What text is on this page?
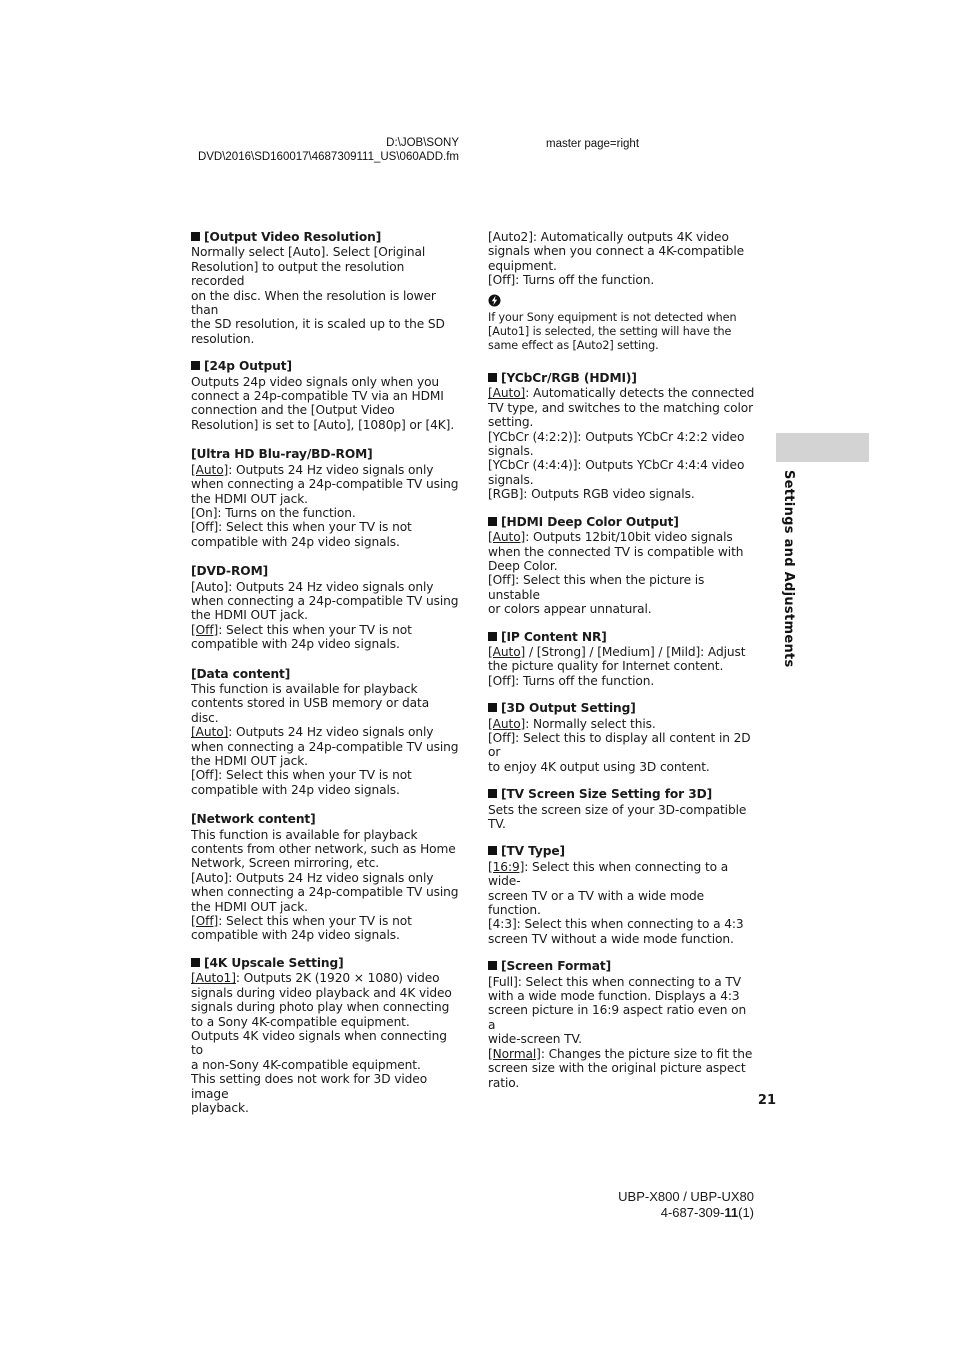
D:\JOB\SONY
DVD\2016\SD160017\4687309111_US\060ADD.fm
master page=right
[Output Video Resolution]
Normally select [Auto]. Select [Original
Resolution] to output the resolution recorded
on the disc. When the resolution is lower than
the SD resolution, it is scaled up to the SD
resolution.
[24p Output]
Outputs 24p video signals only when you
connect a 24p-compatible TV via an HDMI
connection and the [Output Video
Resolution] is set to [Auto], [1080p] or [4K].
[Ultra HD Blu-ray/BD-ROM]
[Auto]: Outputs 24 Hz video signals only
when connecting a 24p-compatible TV using
the HDMI OUT jack.
[On]: Turns on the function.
[Off]: Select this when your TV is not
compatible with 24p video signals.
[DVD-ROM]
[Auto]: Outputs 24 Hz video signals only
when connecting a 24p-compatible TV using
the HDMI OUT jack.
[Off]: Select this when your TV is not
compatible with 24p video signals.
[Data content]
This function is available for playback
contents stored in USB memory or data disc.
[Auto]: Outputs 24 Hz video signals only
when connecting a 24p-compatible TV using
the HDMI OUT jack.
[Off]: Select this when your TV is not
compatible with 24p video signals.
[Network content]
This function is available for playback
contents from other network, such as Home
Network, Screen mirroring, etc.
[Auto]: Outputs 24 Hz video signals only
when connecting a 24p-compatible TV using
the HDMI OUT jack.
[Off]: Select this when your TV is not
compatible with 24p video signals.
[4K Upscale Setting]
[Auto1]: Outputs 2K (1920 × 1080) video
signals during video playback and 4K video
signals during photo play when connecting
to a Sony 4K-compatible equipment.
Outputs 4K video signals when connecting to
a non-Sony 4K-compatible equipment.
This setting does not work for 3D video image
playback.
[Auto2]: Automatically outputs 4K video
signals when you connect a 4K-compatible
equipment.
[Off]: Turns off the function.
If your Sony equipment is not detected when
[Auto1] is selected, the setting will have the
same effect as [Auto2] setting.
[YCbCr/RGB (HDMI)]
[Auto]: Automatically detects the connected
TV type, and switches to the matching color
setting.
[YCbCr (4:2:2)]: Outputs YCbCr 4:2:2 video
signals.
[YCbCr (4:4:4)]: Outputs YCbCr 4:4:4 video
signals.
[RGB]: Outputs RGB video signals.
[HDMI Deep Color Output]
[Auto]: Outputs 12bit/10bit video signals
when the connected TV is compatible with
Deep Color.
[Off]: Select this when the picture is unstable
or colors appear unnatural.
[IP Content NR]
[Auto] / [Strong] / [Medium] / [Mild]: Adjust
the picture quality for Internet content.
[Off]: Turns off the function.
[3D Output Setting]
[Auto]: Normally select this.
[Off]: Select this to display all content in 2D or
to enjoy 4K output using 3D content.
[TV Screen Size Setting for 3D]
Sets the screen size of your 3D-compatible
TV.
[TV Type]
[16:9]: Select this when connecting to a wide-
screen TV or a TV with a wide mode function.
[4:3]: Select this when connecting to a 4:3
screen TV without a wide mode function.
[Screen Format]
[Full]: Select this when connecting to a TV
with a wide mode function. Displays a 4:3
screen picture in 16:9 aspect ratio even on a
wide-screen TV.
[Normal]: Changes the picture size to fit the
screen size with the original picture aspect
ratio.
Settings and Adjustments
21
UBP-X800 / UBP-UX80
4-687-309-11(1)
